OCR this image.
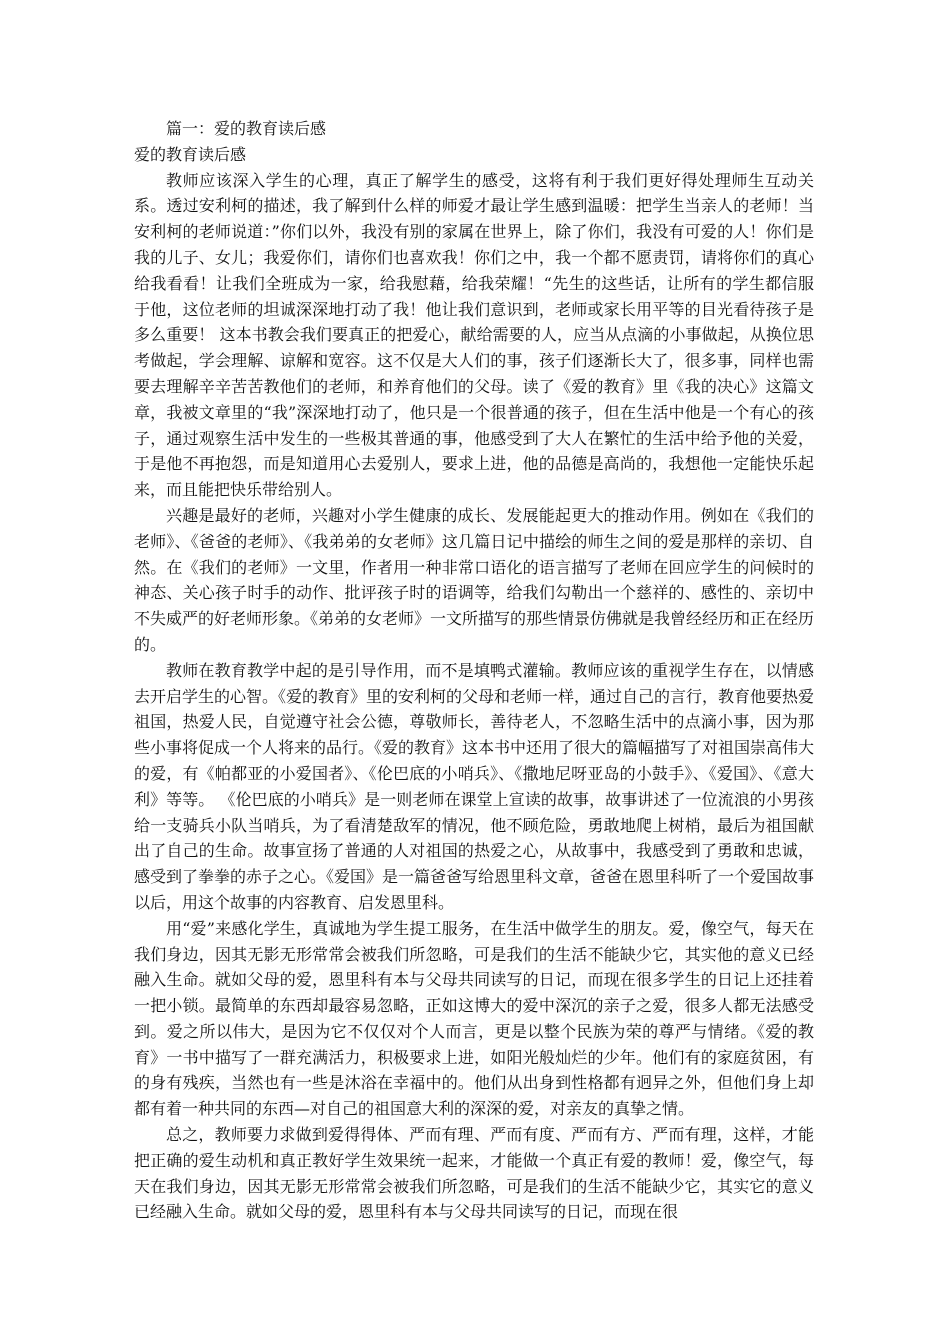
篇一：爱的教育读后感

爱的教育读后感

教师应该深入学生的心理，真正了解学生的感受，这将有利于我们更好得处理师生互动关系。透过安利柯的描述，我了解到什么样的师爱才最让学生感到温暖：把学生当亲人的老师！当安利柯的老师说道：”你们以外，我没有别的家属在世界上，除了你们，我没有可爱的人！你们是我的儿子、女儿；我爱你们，请你们也喜欢我！你们之中，我一个都不愿责罚，请将你们的真心给我看看！让我们全班成为一家，给我慰藉，给我荣耀！“先生的这些话，让所有的学生都信服于他，这位老师的坦诚深深地打动了我！他让我们意识到，老师或家长用平等的目光看待孩子是多么重要！ 这本书教会我们要真正的把爱心，献给需要的人，应当从点滴的小事做起，从换位思考做起，学会理解、谅解和宽容。这不仅是大人们的事，孩子们逐渐长大了，很多事，同样也需要去理解辛辛苦苦教他们的老师，和养育他们的父母。读了《爱的教育》里《我的决心》这篇文章，我被文章里的“我”深深地打动了，他只是一个很普通的孩子，但在生活中他是一个有心的孩子，通过观察生活中发生的一些极其普通的事，他感受到了大人在繁忙的生活中给予他的关爱，于是他不再抱怨，而是知道用心去爱别人，要求上进，他的品德是高尚的，我想他一定能快乐起来，而且能把快乐带给别人。

兴趣是最好的老师，兴趣对小学生健康的成长、发展能起更大的推动作用。例如在《我们的老师》、《爸爸的老师》、《我弟弟的女老师》这几篇日记中描绘的师生之间的爱是那样的亲切、自然。在《我们的老师》一文里，作者用一种非常口语化的语言描写了老师在回应学生的问候时的神态、关心孩子时手的动作、批评孩子时的语调等，给我们勾勒出一个慈祥的、感性的、亲切中不失威严的好老师形象。《弟弟的女老师》一文所描写的那些情景仿佛就是我曾经经历和正在经历的。

教师在教育教学中起的是引导作用，而不是填鸭式灌输。教师应该的重视学生存在，以情感去开启学生的心智。《爱的教育》里的安利柯的父母和老师一样，通过自己的言行，教育他要热爱祖国，热爱人民，自觉遵守社会公德，尊敬师长，善待老人，不忽略生活中的点滴小事，因为那些小事将促成一个人将来的品行。《爱的教育》这本书中还用了很大的篇幅描写了对祖国崇高伟大的爱，有《帕都亚的小爱国者》、《伦巴底的小哨兵》、《撒地尼呀亚岛的小鼓手》、《爱国》、《意大利》等等。 《伦巴底的小哨兵》是一则老师在课堂上宣读的故事，故事讲述了一位流浪的小男孩给一支骑兵小队当哨兵，为了看清楚敌军的情况，他不顾危险，勇敢地爬上树梢，最后为祖国献出了自己的生命。故事宣扬了普通的人对祖国的热爱之心，从故事中，我感受到了勇敢和忠诚，感受到了拳拳的赤子之心。《爱国》是一篇爸爸写给恩里科文章，爸爸在恩里科听了一个爱国故事以后，用这个故事的内容教育、启发恩里科。

用“爱”来感化学生，真诚地为学生提工服务，在生活中做学生的朋友。爱，像空气，每天在我们身边，因其无影无形常常会被我们所忽略，可是我们的生活不能缺少它，其实他的意义已经融入生命。就如父母的爱，恩里科有本与父母共同读写的日记，而现在很多学生的日记上还挂着一把小锁。最简单的东西却最容易忽略，正如这博大的爱中深沉的亲子之爱，很多人都无法感受到。爱之所以伟大，是因为它不仅仅对个人而言，更是以整个民族为荣的尊严与情绪。《爱的教育》一书中描写了一群充满活力，积极要求上进，如阳光般灿烂的少年。他们有的家庭贫困，有的身有残疾，当然也有一些是沐浴在幸福中的。他们从出身到性格都有迥异之外，但他们身上却都有着一种共同的东西—对自己的祖国意大利的深深的爱，对亲友的真挚之情。

总之，教师要力求做到爱得得体、严而有理、严而有度、严而有方、严而有理，这样，才能把正确的爱生动机和真正教好学生效果统一起来，才能做一个真正有爱的教师！爱，像空气，每天在我们身边，因其无影无形常常会被我们所忽略，可是我们的生活不能缺少它，其实它的意义已经融入生命。就如父母的爱，恩里科有本与父母共同读写的日记，而现在很
